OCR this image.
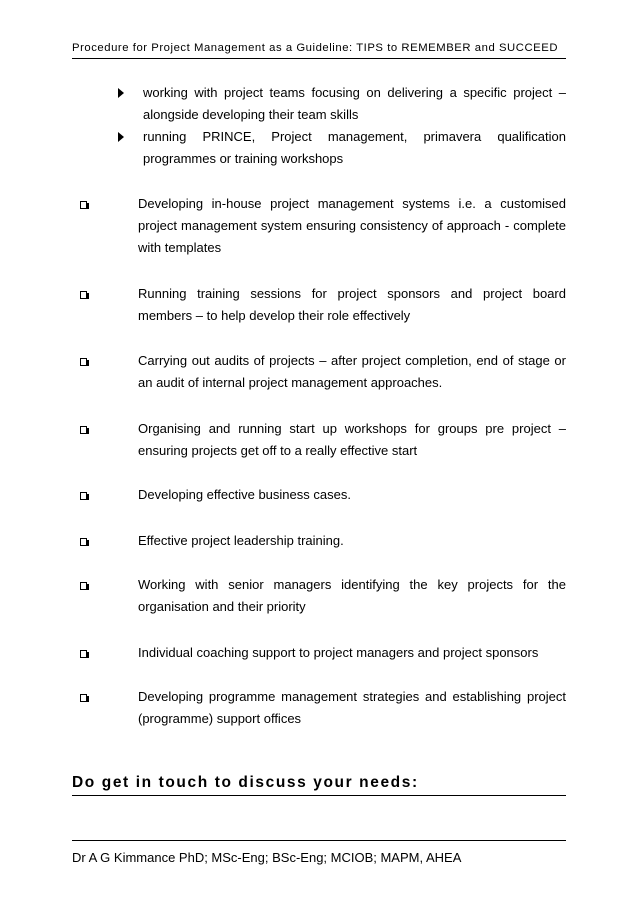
Procedure for Project Management as a Guideline: TIPS to REMEMBER and SUCCEED
working with project teams focusing on delivering a specific project – alongside developing their team skills
running PRINCE, Project management, primavera qualification programmes or training workshops
Developing in-house project management systems i.e. a customised project management system ensuring consistency of approach - complete with templates
Running training sessions for project sponsors and project board members – to help develop their role effectively
Carrying out audits of projects – after project completion, end of stage or an audit of internal project management approaches.
Organising and running start up workshops for groups pre project – ensuring projects get off to a really effective start
Developing effective business cases.
Effective project leadership training.
Working with senior managers identifying the key projects for the organisation and their priority
Individual coaching support to project managers and project sponsors
Developing programme management strategies and establishing project (programme) support offices
Do get in touch to discuss your needs:
Dr A G Kimmance PhD; MSc-Eng; BSc-Eng; MCIOB; MAPM, AHEA
